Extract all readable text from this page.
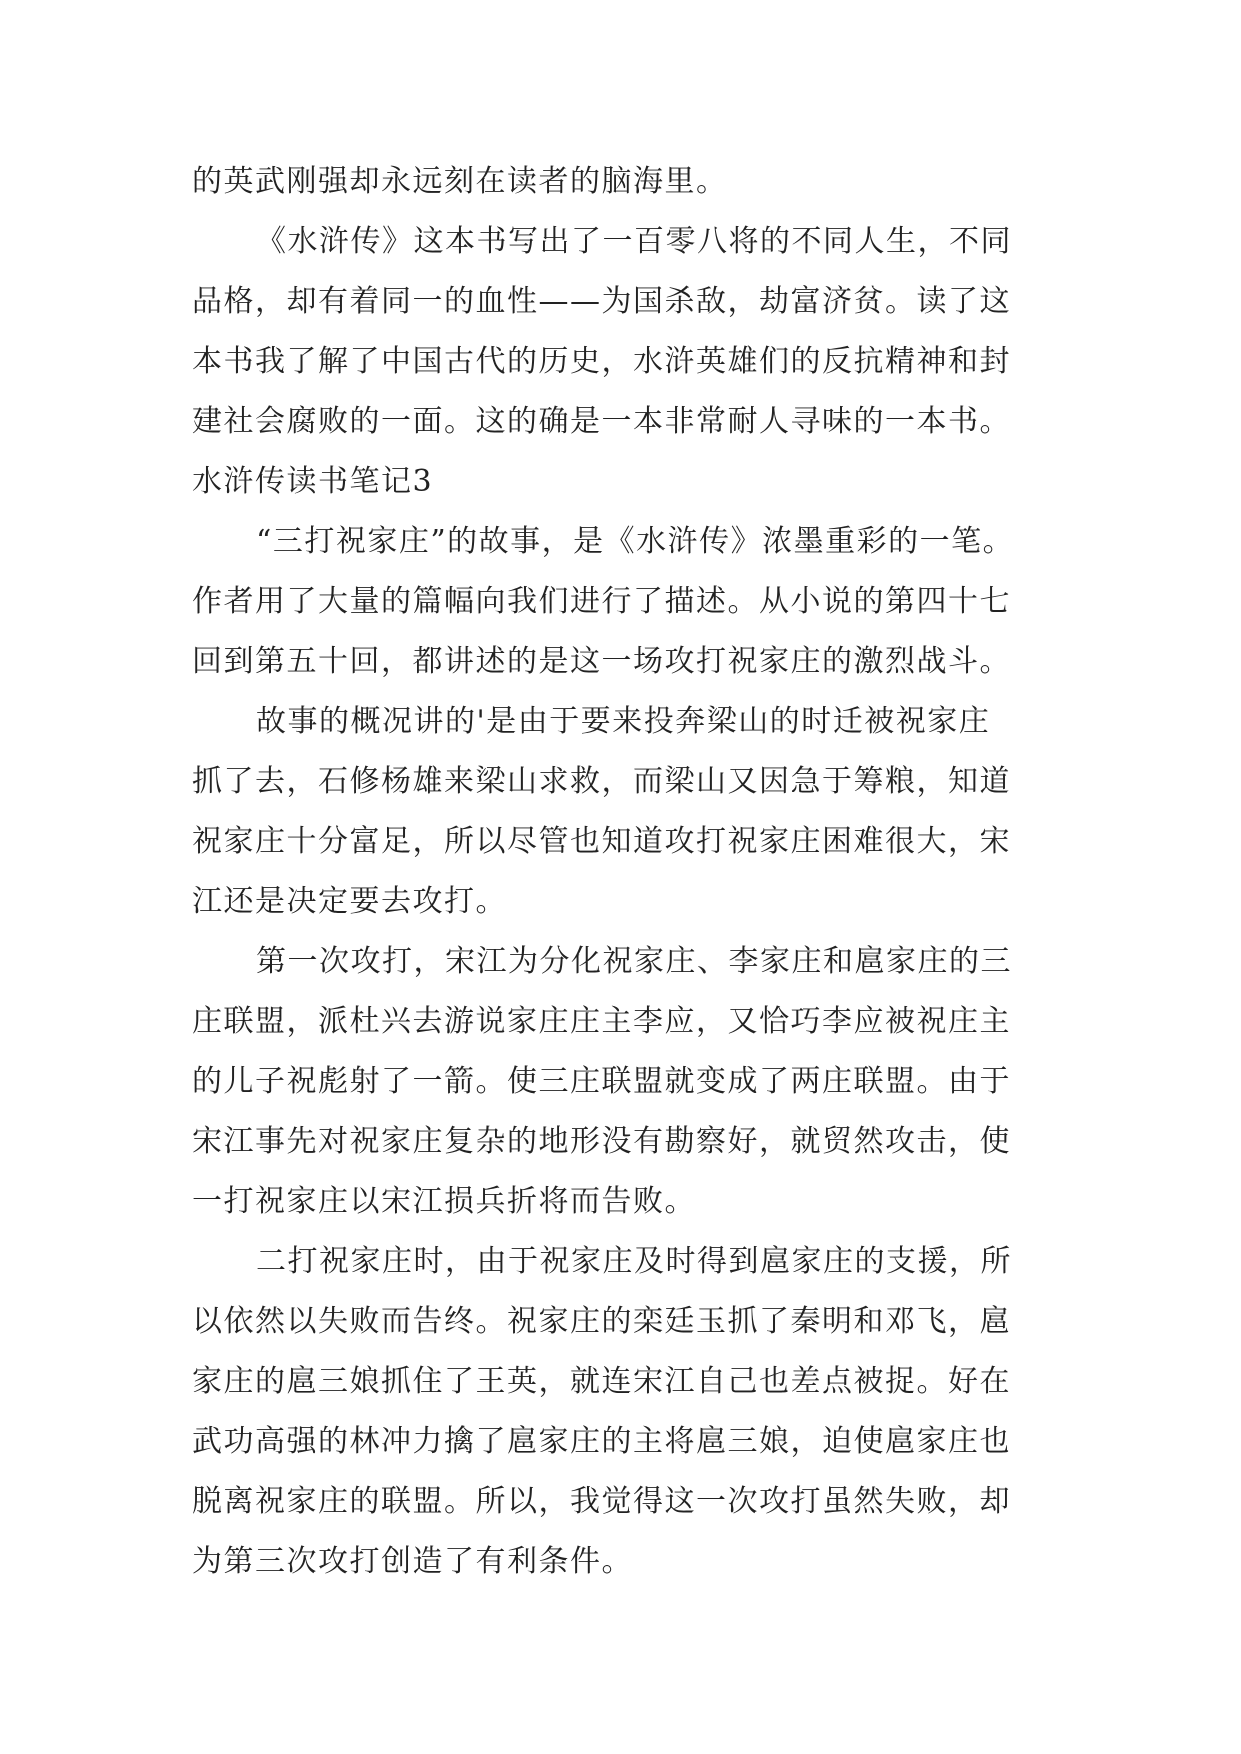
的英武刚强却永远刻在读者的脑海里。
《水浒传》这本书写出了一百零八将的不同人生，不同
品格，却有着同一的血性——为国杀敌，劫富济贫。读了这
本书我了解了中国古代的历史，水浒英雄们的反抗精神和封
建社会腐败的一面。这的确是一本非常耐人寻味的一本书。
水浒传读书笔记3
“三打祝家庄”的故事，是《水浒传》浓墨重彩的一笔。
作者用了大量的篇幅向我们进行了描述。从小说的第四十七
回到第五十回，都讲述的是这一场攻打祝家庄的激烈战斗。
故事的概况讲的'是由于要来投奔梁山的时迁被祝家庄
抓了去，石修杨雄来梁山求救，而梁山又因急于筹粮，知道
祝家庄十分富足，所以尽管也知道攻打祝家庄困难很大，宋
江还是决定要去攻打。
第一次攻打，宋江为分化祝家庄、李家庄和扈家庄的三
庄联盟，派杜兴去游说家庄庄主李应，又恰巧李应被祝庄主
的儿子祝彪射了一箭。使三庄联盟就变成了两庄联盟。由于
宋江事先对祝家庄复杂的地形没有勘察好，就贸然攻击，使
一打祝家庄以宋江损兵折将而告败。
二打祝家庄时，由于祝家庄及时得到扈家庄的支援，所
以依然以失败而告终。祝家庄的栾廷玉抓了秦明和邓飞，扈
家庄的扈三娘抓住了王英，就连宋江自己也差点被捉。好在
武功高强的林冲力擒了扈家庄的主将扈三娘，迫使扈家庄也
脱离祝家庄的联盟。所以，我觉得这一次攻打虽然失败，却
为第三次攻打创造了有利条件。
